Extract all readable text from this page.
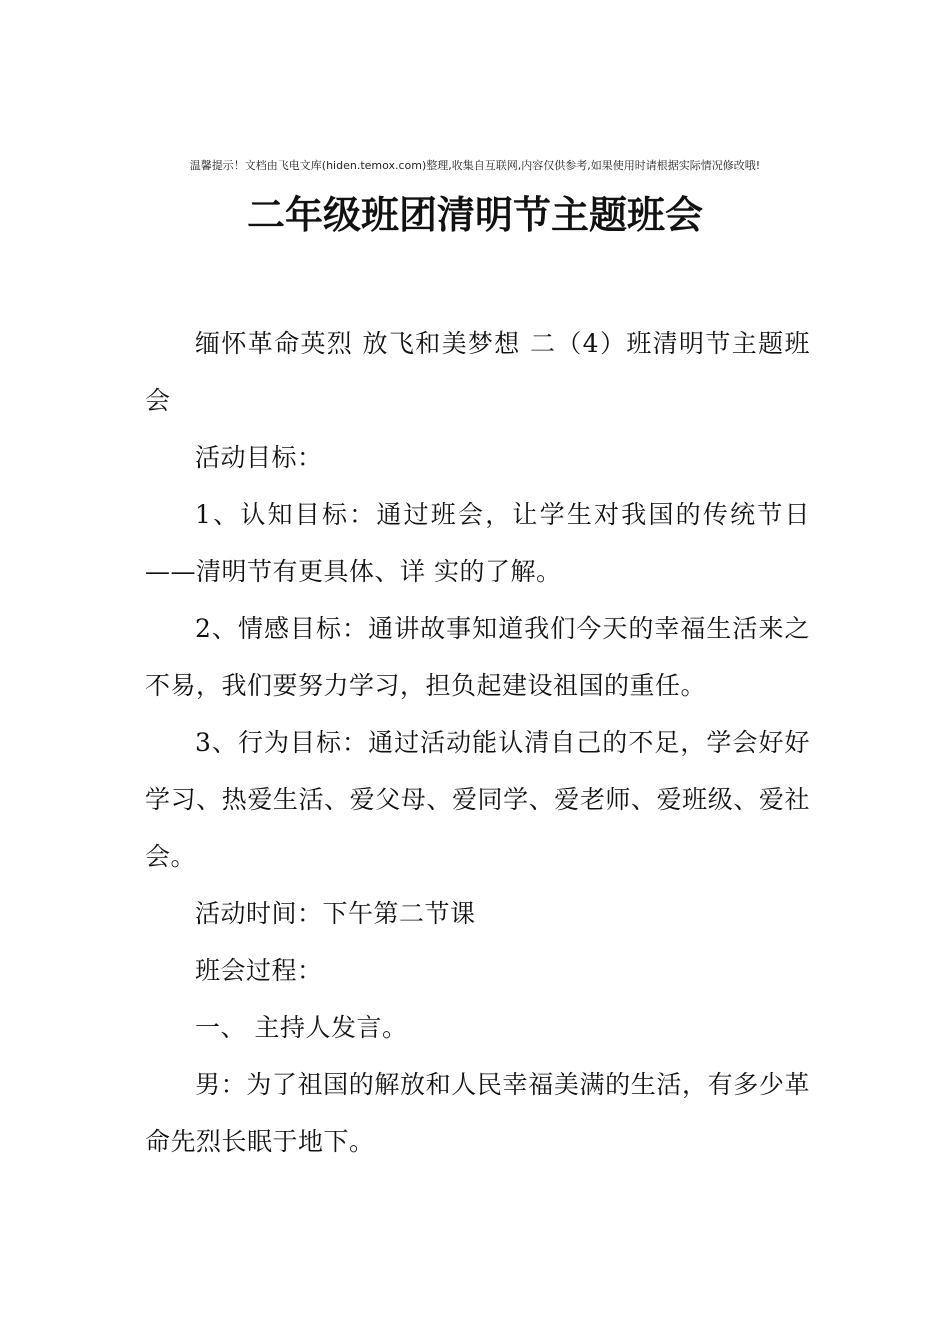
温馨提示！文档由飞电文库(hiden.temox.com)整理,收集自互联网,内容仅供参考,如果使用时请根据实际情况修改哦!
二年级班团清明节主题班会

缅怀革命英烈 放飞和美梦想 二（4）班清明节主题班会

活动目标：

1、认知目标：通过班会，让学生对我国的传统节日——清明节有更具体、详 实的了解。

2、情感目标：通讲故事知道我们今天的幸福生活来之不易，我们要努力学习，担负起建设祖国的重任。

3、行为目标：通过活动能认清自己的不足，学会好好学习、热爱生活、爱父母、爱同学、爱老师、爱班级、爱社会。

活动时间：下午第二节课

班会过程：

一、 主持人发言。

男：为了祖国的解放和人民幸福美满的生活，有多少革命先烈长眠于地下。
